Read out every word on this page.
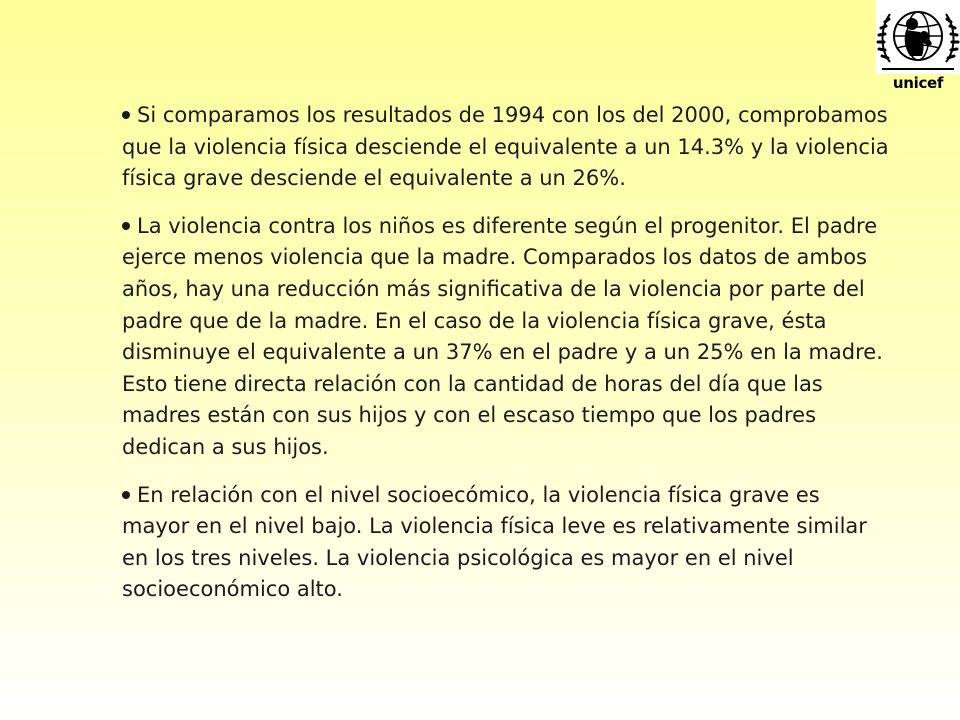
unicef

Si comparamos los resultados de 1994 con los del 2000, comprobamos que la violencia física desciende el equivalente a un 14.3% y la violencia física grave desciende el equivalente a un 26%.

La violencia contra los niños es diferente según el progenitor. El padre ejerce menos violencia que la madre. Comparados los datos de ambos años, hay una reducción más significativa de la violencia por parte del padre que de la madre. En el caso de la violencia física grave, ésta disminuye el equivalente a un 37% en el padre y a un 25% en la madre. Esto tiene directa relación con la cantidad de horas del día que las madres están con sus hijos y con el escaso tiempo que los padres dedican a sus hijos.

En relación con el nivel socioecómico, la violencia física grave es mayor en el nivel bajo. La violencia física leve es relativamente similar en los tres niveles. La violencia psicológica es mayor en el nivel socioeconómico alto.
